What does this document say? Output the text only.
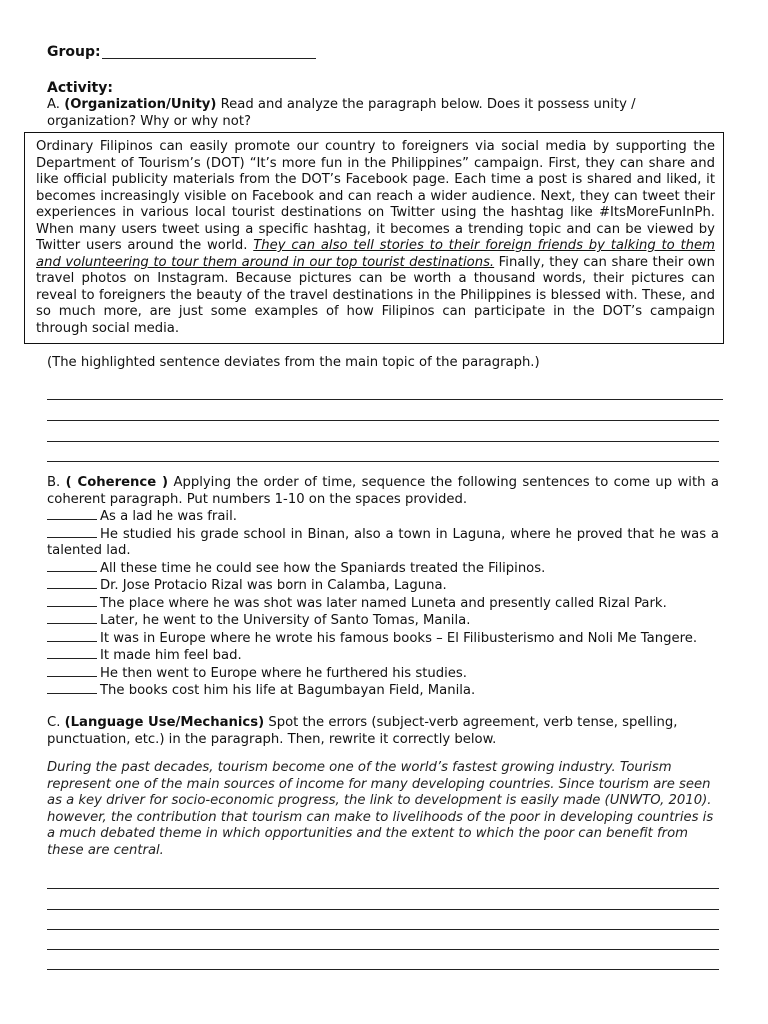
Group:
Activity:
A. (Organization/Unity) Read and analyze the paragraph below. Does it possess unity / organization? Why or why not?
Ordinary Filipinos can easily promote our country to foreigners via social media by supporting the Department of Tourism’s (DOT) “It’s more fun in the Philippines” campaign. First, they can share and like official publicity materials from the DOT’s Facebook page. Each time a post is shared and liked, it becomes increasingly visible on Facebook and can reach a wider audience. Next, they can tweet their experiences in various local tourist destinations on Twitter using the hashtag like #ItsMoreFunInPh. When many users tweet using a specific hashtag, it becomes a trending topic and can be viewed by Twitter users around the world. They can also tell stories to their foreign friends by talking to them and volunteering to tour them around in our top tourist destinations. Finally, they can share their own travel photos on Instagram. Because pictures can be worth a thousand words, their pictures can reveal to foreigners the beauty of the travel destinations in the Philippines is blessed with. These, and so much more, are just some examples of how Filipinos can participate in the DOT’s campaign through social media.
(The highlighted sentence deviates from the main topic of the paragraph.)
B. ( Coherence ) Applying the order of time, sequence the following sentences to come up with a coherent paragraph. Put numbers 1-10 on the spaces provided.
As a lad he was frail.
He studied his grade school in Binan, also a town in Laguna, where he proved that he was a talented lad.
All these time he could see how the Spaniards treated the Filipinos.
Dr. Jose Protacio Rizal was born in Calamba, Laguna.
The place where he was shot was later named Luneta and presently called Rizal Park.
Later, he went to the University of Santo Tomas, Manila.
It was in Europe where he wrote his famous books – El Filibusterismo and Noli Me Tangere.
It made him feel bad.
He then went to Europe where he furthered his studies.
The books cost him his life at Bagumbayan Field, Manila.
C. (Language Use/Mechanics) Spot the errors (subject-verb agreement, verb tense, spelling, punctuation, etc.) in the paragraph. Then, rewrite it correctly below.
During the past decades, tourism become one of the world’s fastest growing industry. Tourism represent one of the main sources of income for many developing countries. Since tourism are seen as a key driver for socio-economic progress, the link to development is easily made (UNWTO, 2010). however, the contribution that tourism can make to livelihoods of the poor in developing countries is a much debated theme in which opportunities and the extent to which the poor can benefit from these are central.
